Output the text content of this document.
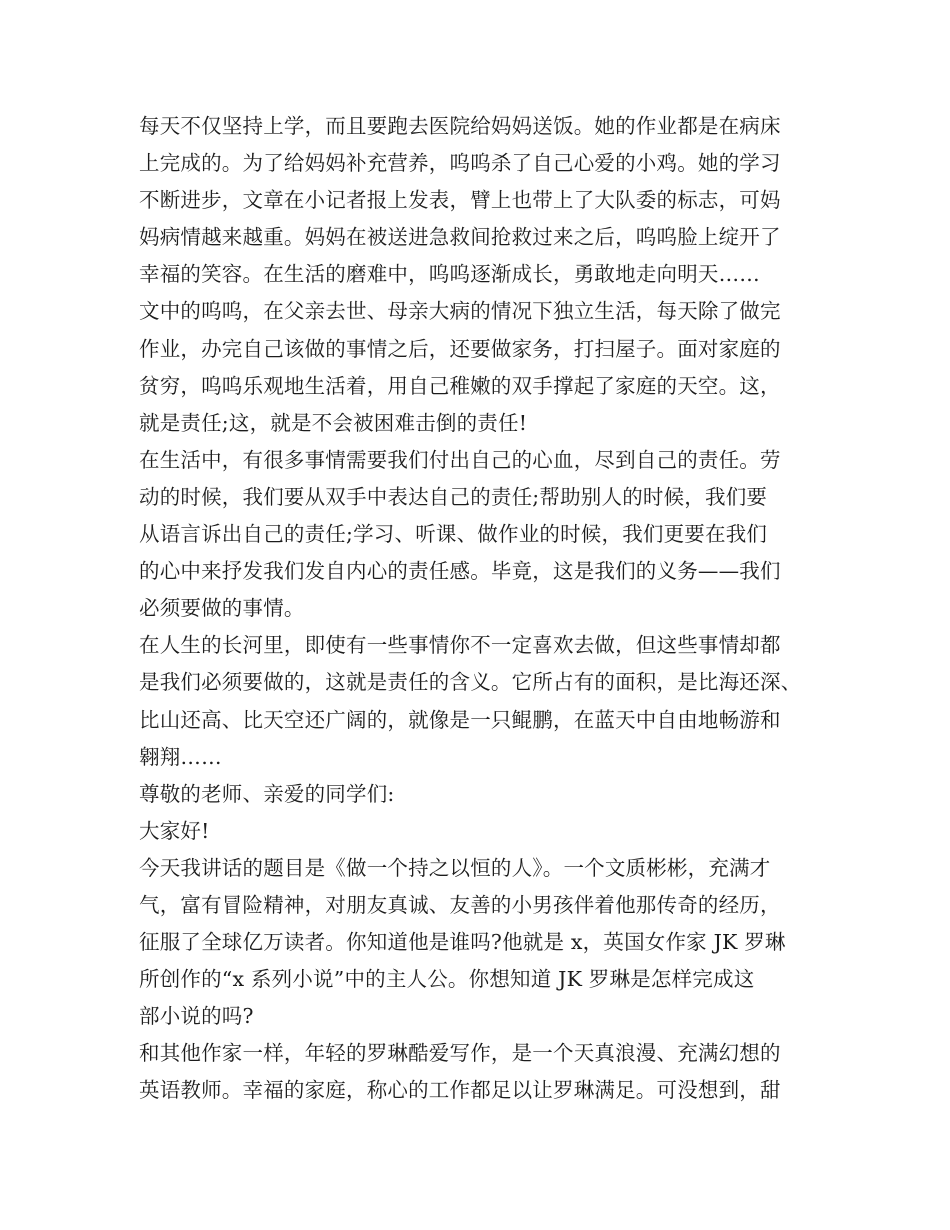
每天不仅坚持上学，而且要跑去医院给妈妈送饭。她的作业都是在病床
上完成的。为了给妈妈补充营养，呜呜杀了自己心爱的小鸡。她的学习
不断进步，文章在小记者报上发表，臂上也带上了大队委的标志，可妈
妈病情越来越重。妈妈在被送进急救间抢救过来之后，呜呜脸上绽开了
幸福的笑容。在生活的磨难中，呜呜逐渐成长，勇敢地走向明天……
文中的呜呜，在父亲去世、母亲大病的情况下独立生活，每天除了做完
作业，办完自己该做的事情之后，还要做家务，打扫屋子。面对家庭的
贫穷，呜呜乐观地生活着，用自己稚嫩的双手撑起了家庭的天空。这，
就是责任;这，就是不会被困难击倒的责任!
在生活中，有很多事情需要我们付出自己的心血，尽到自己的责任。劳
动的时候，我们要从双手中表达自己的责任;帮助别人的时候，我们要
从语言诉出自己的责任;学习、听课、做作业的时候，我们更要在我们
的心中来抒发我们发自内心的责任感。毕竟，这是我们的义务——我们
必须要做的事情。
在人生的长河里，即使有一些事情你不一定喜欢去做，但这些事情却都
是我们必须要做的，这就是责任的含义。它所占有的面积，是比海还深、
比山还高、比天空还广阔的，就像是一只鲲鹏，在蓝天中自由地畅游和
翱翔……
尊敬的老师、亲爱的同学们:
大家好!
今天我讲话的题目是《做一个持之以恒的人》。一个文质彬彬，充满才
气，富有冒险精神，对朋友真诚、友善的小男孩伴着他那传奇的经历，
征服了全球亿万读者。你知道他是谁吗?他就是 x，英国女作家 JK 罗琳
所创作的“x 系列小说”中的主人公。你想知道 JK 罗琳是怎样完成这
部小说的吗?
和其他作家一样，年轻的罗琳酷爱写作，是一个天真浪漫、充满幻想的
英语教师。幸福的家庭，称心的工作都足以让罗琳满足。可没想到，甜
